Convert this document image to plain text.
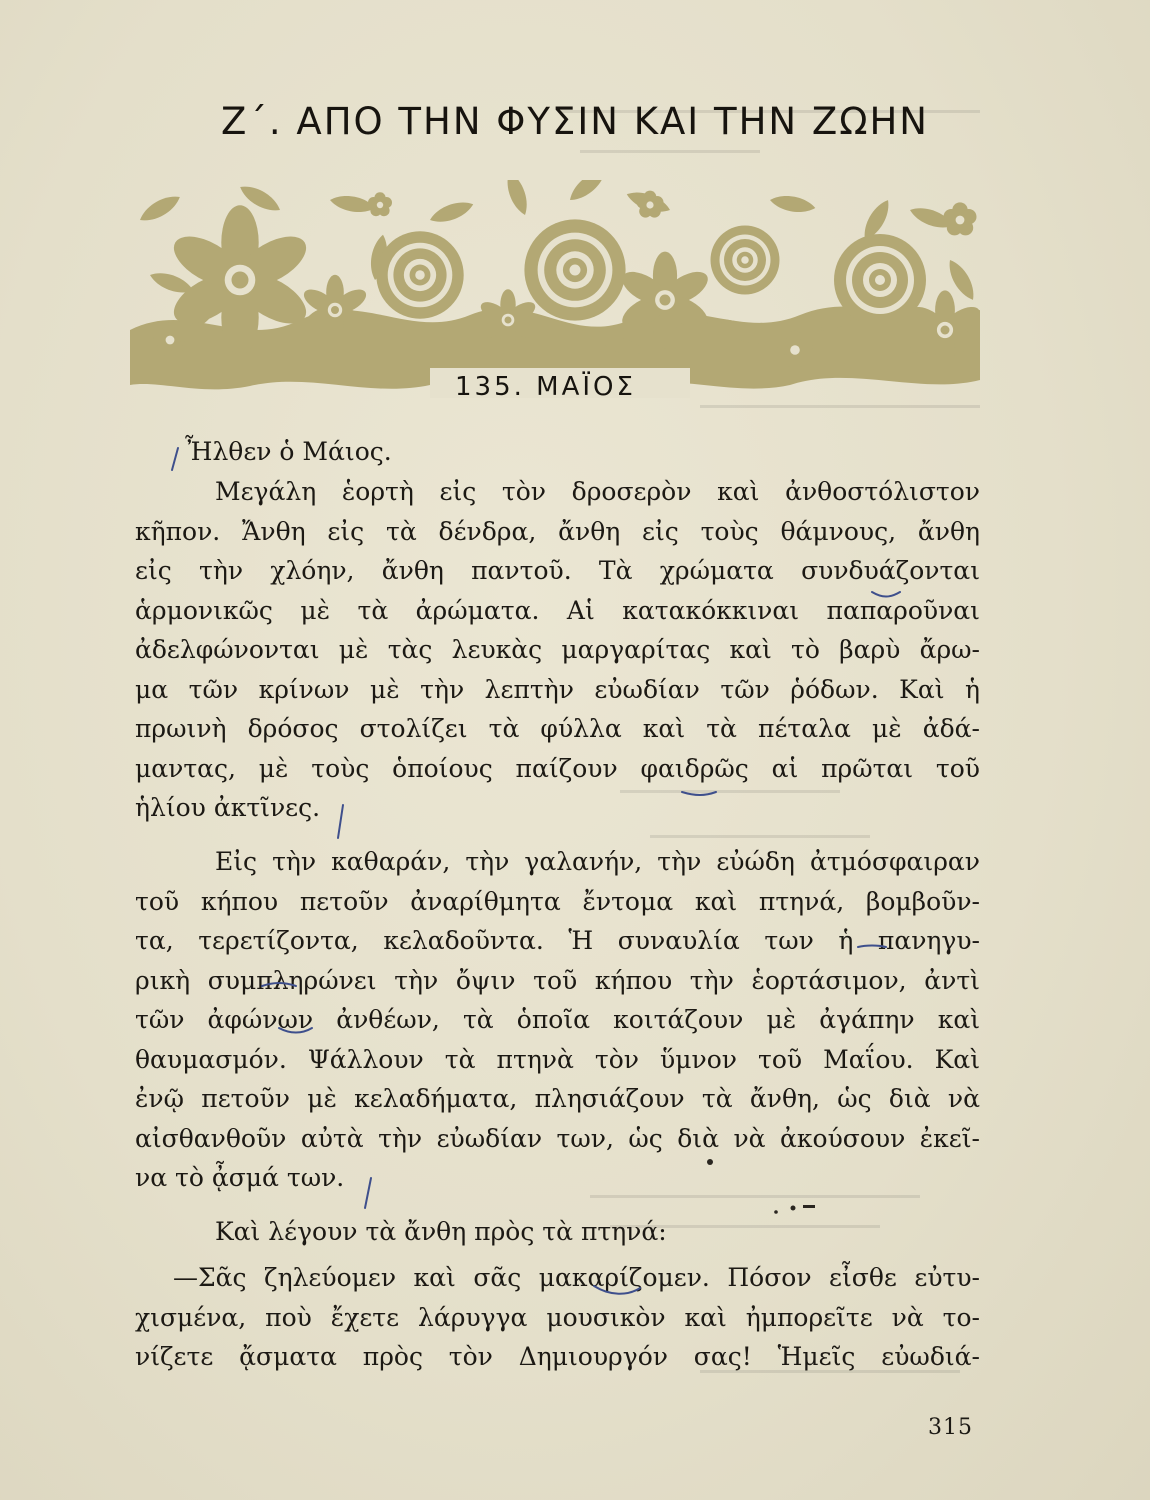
Ζ΄. ΑΠΟ ΤΗΝ ΦΥΣΙΝ ΚΑΙ ΤΗΝ ΖΩΗΝ
135. ΜΑΪΟΣ
Ἦλθεν ὁ Μάιος.
Μεγάλη ἑορτὴ εἰς τὸν δροσερὸν καὶ ἀνθοστόλιστον
κῆπον. Ἄνθη εἰς τὰ δένδρα, ἄνθη εἰς τοὺς θάμνους, ἄνθη
εἰς τὴν χλόην, ἄνθη παντοῦ. Τὰ χρώματα συνδυάζονται
ἁρμονικῶς μὲ τὰ ἀρώματα. Αἱ κατακόκκιναι παπαροῦναι
ἀδελφώνονται μὲ τὰς λευκὰς μαργαρίτας καὶ τὸ βαρὺ ἄρω-
μα τῶν κρίνων μὲ τὴν λεπτὴν εὐωδίαν τῶν ῥόδων. Καὶ ἡ
πρωινὴ δρόσος στολίζει τὰ φύλλα καὶ τὰ πέταλα μὲ ἀδά-
μαντας, μὲ τοὺς ὁποίους παίζουν φαιδρῶς αἱ πρῶται τοῦ
ἡλίου ἀκτῖνες.
Εἰς τὴν καθαράν, τὴν γαλανήν, τὴν εὐώδη ἀτμόσφαιραν
τοῦ κήπου πετοῦν ἀναρίθμητα ἔντομα καὶ πτηνά, βομβοῦν-
τα, τερετίζοντα, κελαδοῦντα. Ἡ συναυλία των ἡ πανηγυ-
ρικὴ συμπληρώνει τὴν ὄψιν τοῦ κήπου τὴν ἑορτάσιμον, ἀντὶ
τῶν ἀφώνων ἀνθέων, τὰ ὁποῖα κοιτάζουν μὲ ἀγάπην καὶ
θαυμασμόν. Ψάλλουν τὰ πτηνὰ τὸν ὕμνον τοῦ Μαΐου. Καὶ
ἐνῷ πετοῦν μὲ κελαδήματα, πλησιάζουν τὰ ἄνθη, ὡς διὰ νὰ
αἰσθανθοῦν αὐτὰ τὴν εὐωδίαν των, ὡς διὰ νὰ ἀκούσουν ἐκεῖ-
να τὸ ᾆσμά των.
Καὶ λέγουν τὰ ἄνθη πρὸς τὰ πτηνά:
—Σᾶς ζηλεύομεν καὶ σᾶς μακαρίζομεν. Πόσον εἶσθε εὐτυ-
χισμένα, ποὺ ἔχετε λάρυγγα μουσικὸν καὶ ἠμπορεῖτε νὰ το-
νίζετε ᾄσματα πρὸς τὸν Δημιουργόν σας! Ἡμεῖς εὐωδιά-
315
